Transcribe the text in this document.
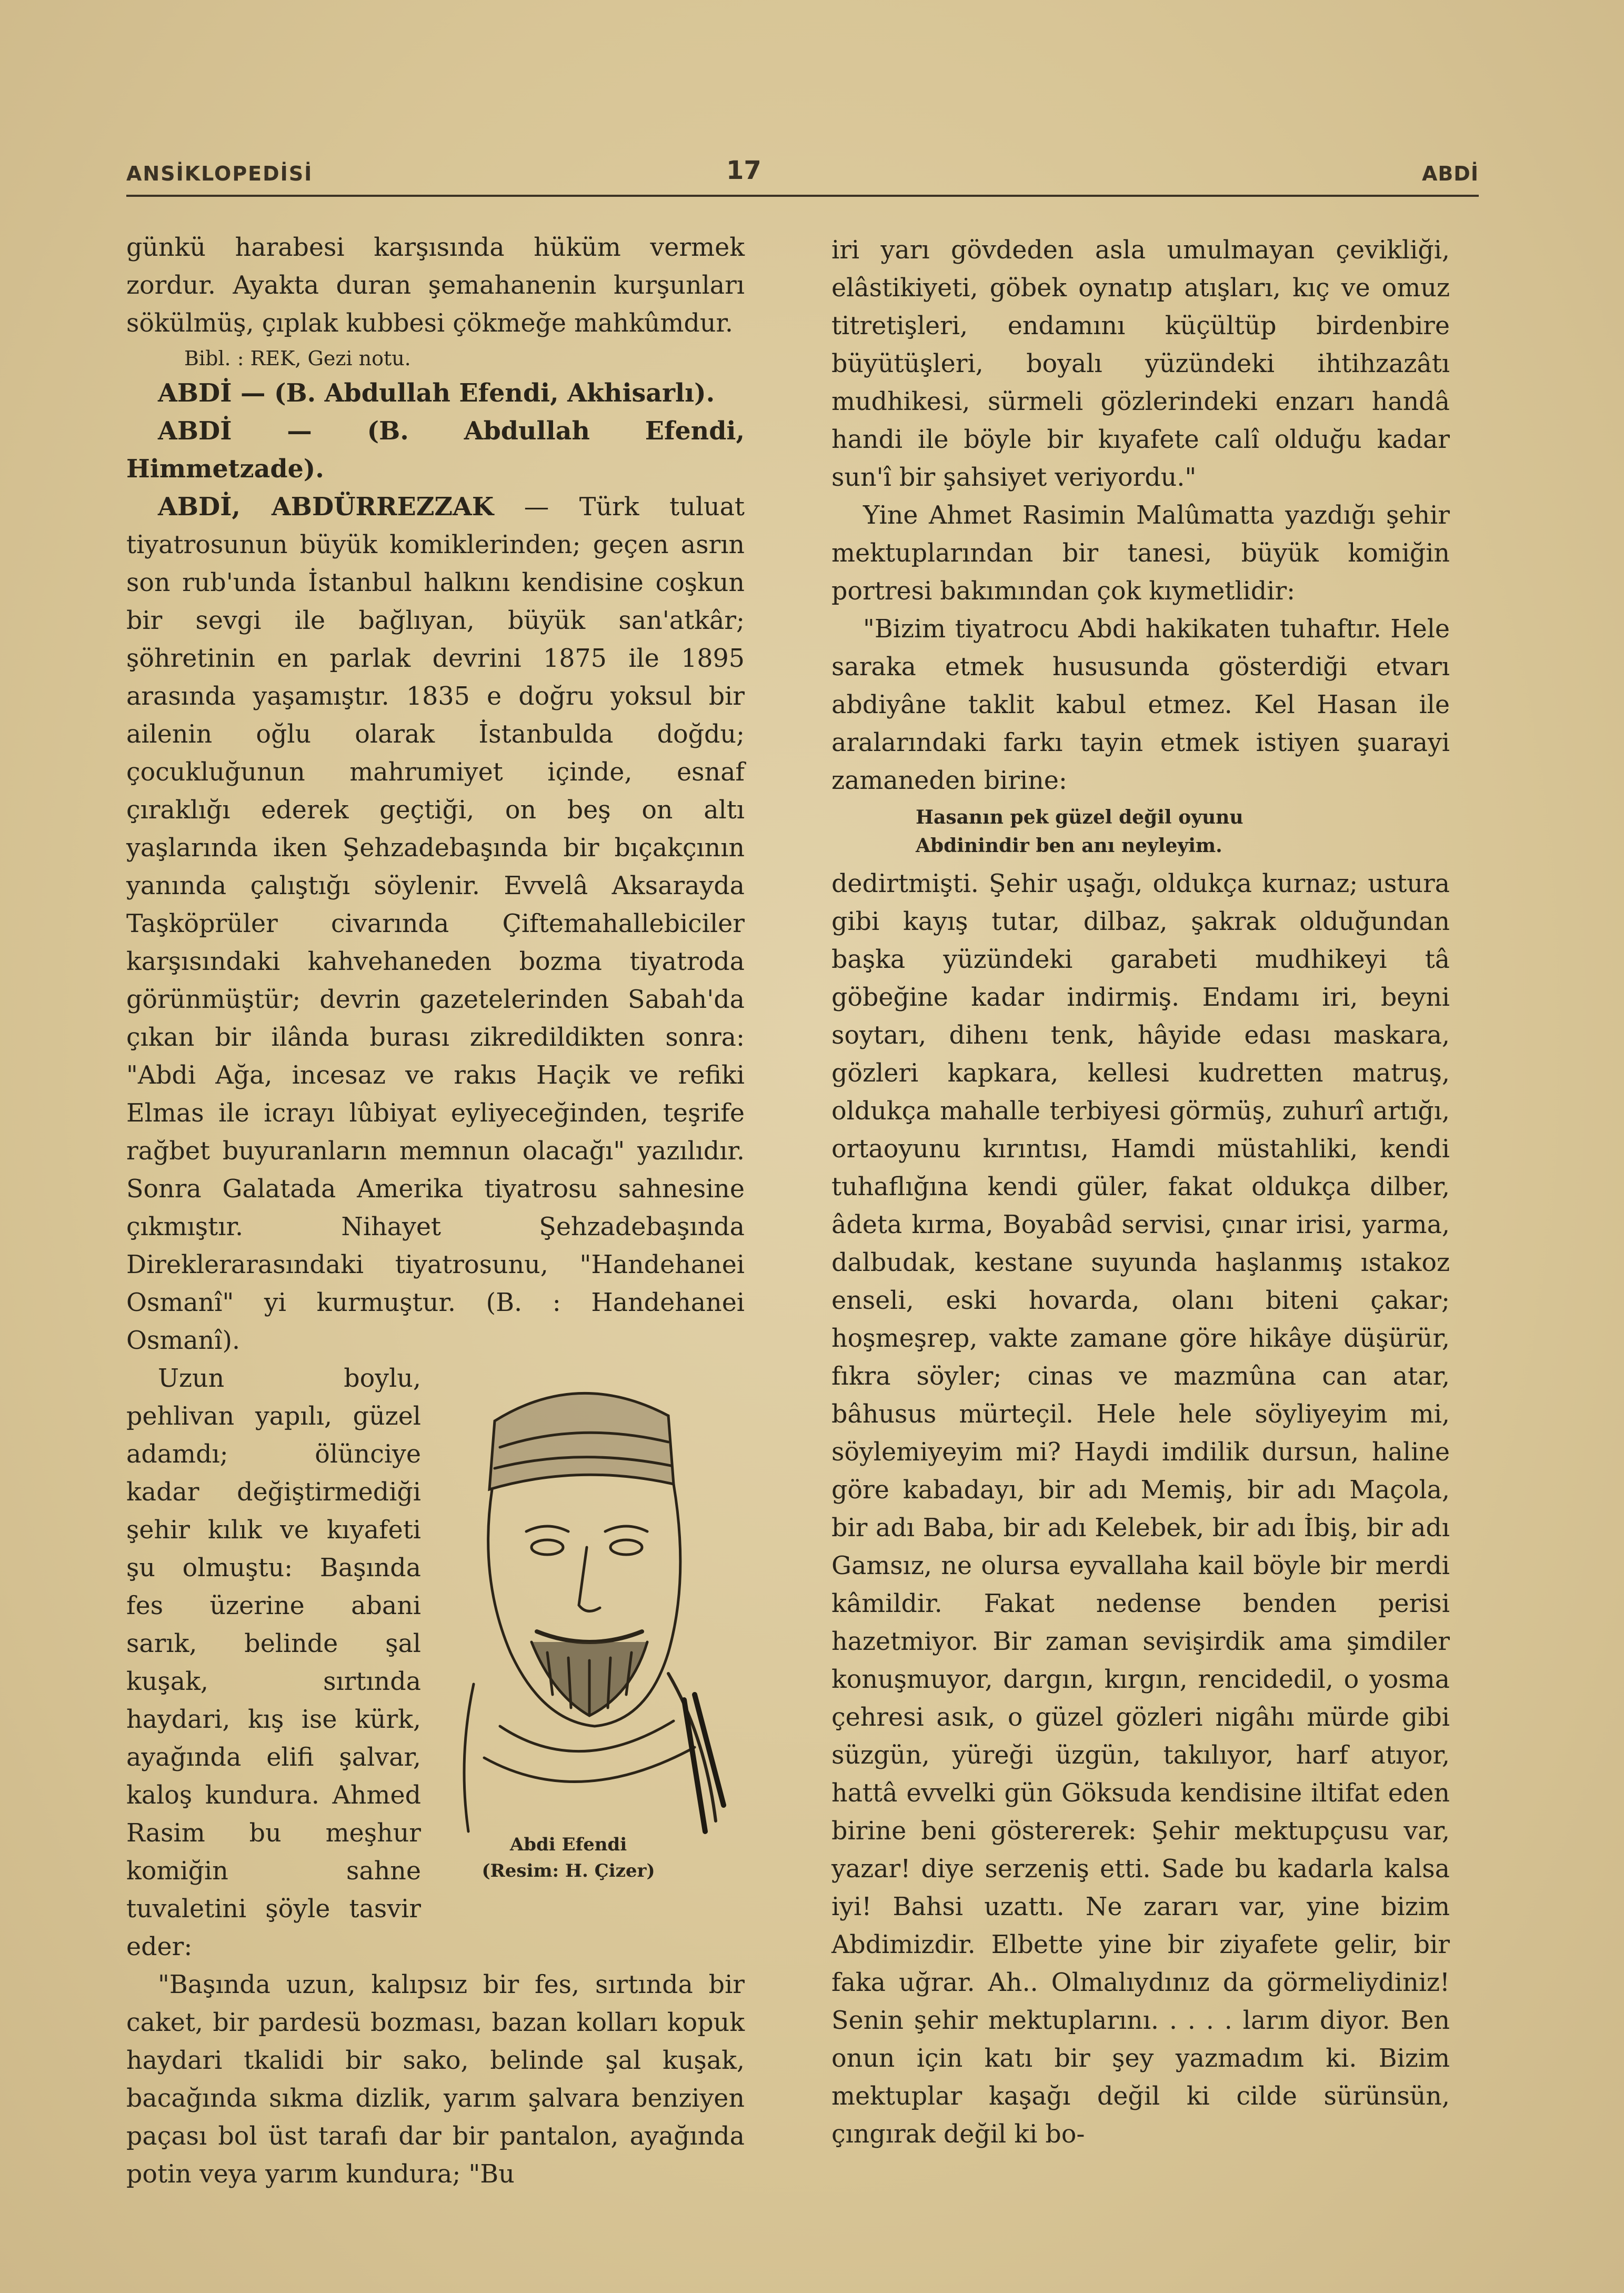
ANSİKLOPEDİSİ	17	ABDİ

günkü harabesi karşısında hüküm vermek zordur. Ayakta duran şemahanenin kurşunları sökülmüş, çıplak kubbesi çökmeğe mahkûmdur.

Bibl. : REK, Gezi notu.

ABDİ — (B. Abdullah Efendi, Akhisarlı).

ABDİ — (B. Abdullah Efendi, Himmetzade).

ABDİ, ABDÜRREZZAK — Türk tuluat tiyatrosunun büyük komiklerinden; geçen asrın son rub'unda İstanbul halkını kendisine coşkun bir sevgi ile bağlıyan, büyük san'atkâr; şöhretinin en parlak devrini 1875 ile 1895 arasında yaşamıştır. 1835 e doğru yoksul bir ailenin oğlu olarak İstanbulda doğdu; çocukluğunun mahrumiyet içinde, esnaf çıraklığı ederek geçtiği, on beş on altı yaşlarında iken Şehzadebaşında bir bıçakçının yanında çalıştığı söylenir. Evvelâ Aksarayda Taşköprüler civarında Çiftemahallebiciler karşısındaki kahvehaneden bozma tiyatroda görünmüştür; devrin gazetelerinden Sabah'da çıkan bir ilânda burası zikredildikten sonra: "Abdi Ağa, incesaz ve rakıs Haçik ve refiki Elmas ile icrayı lûbiyat eyliyeceğinden, teşrife rağbet buyuranların memnun olacağı" yazılıdır. Sonra Galatada Amerika tiyatrosu sahnesine çıkmıştır. Nihayet Şehzadebaşında Direklerarasındaki tiyatrosunu, "Handehanei Osmanî" yi kurmuştur. (B. : Handehanei Osmanî).

Uzun boylu, pehlivan yapılı, güzel adamdı; ölünciye kadar değiştirmediği şehir kılık ve kıyafeti şu olmuştu: Başında fes üzerine abani sarık, belinde şal kuşak, sırtında haydari, kış ise kürk, ayağında elifi şalvar, kaloş kundura. Ahmed Rasim bu meşhur komiğin sahne tuvaletini şöyle tasvir eder:

"Başında uzun, kalıpsız bir fes, sırtında bir caket, bir pardesü bozması, bazan kolları kopuk haydari tkalidi bir sako, belinde şal kuşak, bacağında sıkma dizlik, yarım şalvara benziyen paçası bol üst tarafı dar bir pantalon, ayağında potin veya yarım kundura; "Bu

Abdi Efendi
(Resim: H. Çizer)

iri yarı gövdeden asla umulmayan çevikliği, elâstikiyeti, göbek oynatıp atışları, kıç ve omuz titretişleri, endamını küçültüp birdenbire büyütüşleri, boyalı yüzündeki ihtihzazâtı mudhikesi, sürmeli gözlerindeki enzarı handâ handi ile böyle bir kıyafete calî olduğu kadar sun'î bir şahsiyet veriyordu."

Yine Ahmet Rasimin Malûmatta yazdığı şehir mektuplarından bir tanesi, büyük komiğin portresi bakımından çok kıymetlidir:

"Bizim tiyatrocu Abdi hakikaten tuhaftır. Hele saraka etmek hususunda gösterdiği etvarı abdiyâne taklit kabul etmez. Kel Hasan ile aralarındaki farkı tayin etmek istiyen şuarayi zamaneden birine:

Hasanın pek güzel değil oyunu
Abdinindir ben anı neyleyim.

dedirtmişti. Şehir uşağı, oldukça kurnaz; ustura gibi kayış tutar, dilbaz, şakrak olduğundan başka yüzündeki garabeti mudhikeyi tâ göbeğine kadar indirmiş. Endamı iri, beyni soytarı, dihenı tenk, hâyide edası maskara, gözleri kapkara, kellesi kudretten matruş, oldukça mahalle terbiyesi görmüş, zuhurî artığı, ortaoyunu kırıntısı, Hamdi müstahliki, kendi tuhaflığına kendi güler, fakat oldukça dilber, âdeta kırma, Boyabâd servisi, çınar irisi, yarma, dalbudak, kestane suyunda haşlanmış ıstakoz enseli, eski hovarda, olanı biteni çakar; hoşmeşrep, vakte zamane göre hikâye düşürür, fıkra söyler; cinas ve mazmûna can atar, bâhusus mürteçil. Hele hele söyliyeyim mi, söylemiyeyim mi? Haydi imdilik dursun, haline göre kabadayı, bir adı Memiş, bir adı Maçola, bir adı Baba, bir adı Kelebek, bir adı İbiş, bir adı Gamsız, ne olursa eyvallaha kail böyle bir merdi kâmildir. Fakat nedense benden perisi hazetmiyor. Bir zaman sevişirdik ama şimdiler konuşmuyor, dargın, kırgın, rencidedil, o yosma çehresi asık, o güzel gözleri nigâhı mürde gibi süzgün, yüreği üzgün, takılıyor, harf atıyor, hattâ evvelki gün Göksuda kendisine iltifat eden birine beni göstererek: Şehir mektupçusu var, yazar! diye serzeniş etti. Sade bu kadarla kalsa iyi! Bahsi uzattı. Ne zararı var, yine bizim Abdimizdir. Elbette yine bir ziyafete gelir, bir faka uğrar. Ah.. Olmalıydınız da görmeliydiniz! Senin şehir mektuplarını. . . . . larım diyor. Ben onun için katı bir şey yazmadım ki. Bizim mektuplar kaşağı değil ki cilde sürünsün, çıngırak değil ki bo-
